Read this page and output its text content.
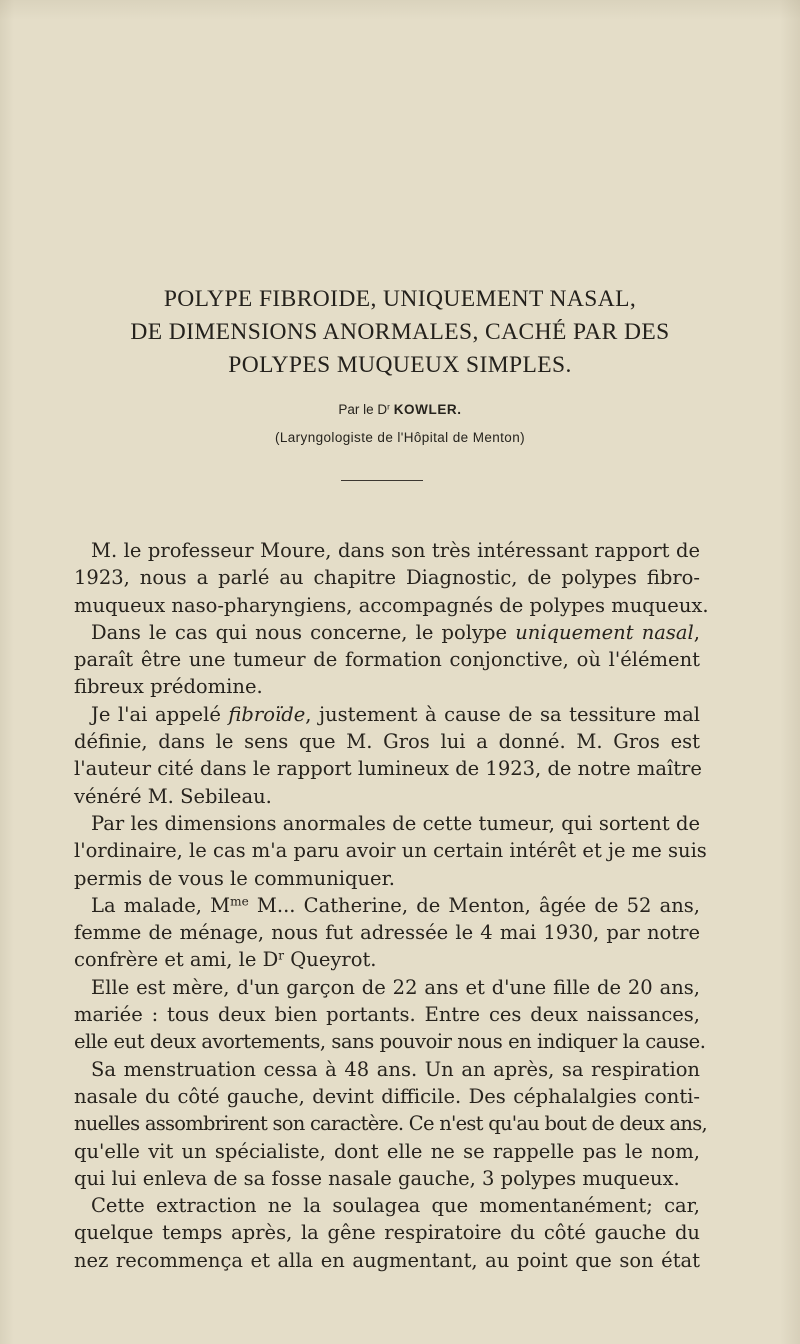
POLYPE FIBROIDE, UNIQUEMENT NASAL,
DE DIMENSIONS ANORMALES, CACHÉ PAR DES
POLYPES MUQUEUX SIMPLES.
Par le $D^r$ KOWLER.
(Laryngologiste de l'Hôpital de Menton)
M. le professeur Moure, dans son très intéressant rapport de
1923, nous a parlé au chapitre Diagnostic, de polypes fibro-
muqueux naso-pharyngiens, accompagnés de polypes muqueux.
Dans le cas qui nous concerne, le polype uniquement nasal,
paraît être une tumeur de formation conjonctive, où l'élément
fibreux prédomine.
Je l'ai appelé fibroïde, justement à cause de sa tessiture mal
définie, dans le sens que M. Gros lui a donné. M. Gros est
l'auteur cité dans le rapport lumineux de 1923, de notre maître
vénéré M. Sebileau.
Par les dimensions anormales de cette tumeur, qui sortent de
l'ordinaire, le cas m'a paru avoir un certain intérêt et je me suis
permis de vous le communiquer.
La malade, $M^{me}$ M... Catherine, de Menton, âgée de 52 ans,
femme de ménage, nous fut adressée le 4 mai 1930, par notre
confrère et ami, le $D^r$ Queyrot.
Elle est mère, d'un garçon de 22 ans et d'une fille de 20 ans,
mariée : tous deux bien portants. Entre ces deux naissances,
elle eut deux avortements, sans pouvoir nous en indiquer la cause.
Sa menstruation cessa à 48 ans. Un an après, sa respiration
nasale du côté gauche, devint difficile. Des céphalalgies conti-
nuelles assombrirent son caractère. Ce n'est qu'au bout de deux ans,
qu'elle vit un spécialiste, dont elle ne se rappelle pas le nom,
qui lui enleva de sa fosse nasale gauche, 3 polypes muqueux.
Cette extraction ne la soulagea que momentanément; car,
quelque temps après, la gêne respiratoire du côté gauche du
nez recommença et alla en augmentant, au point que son état
